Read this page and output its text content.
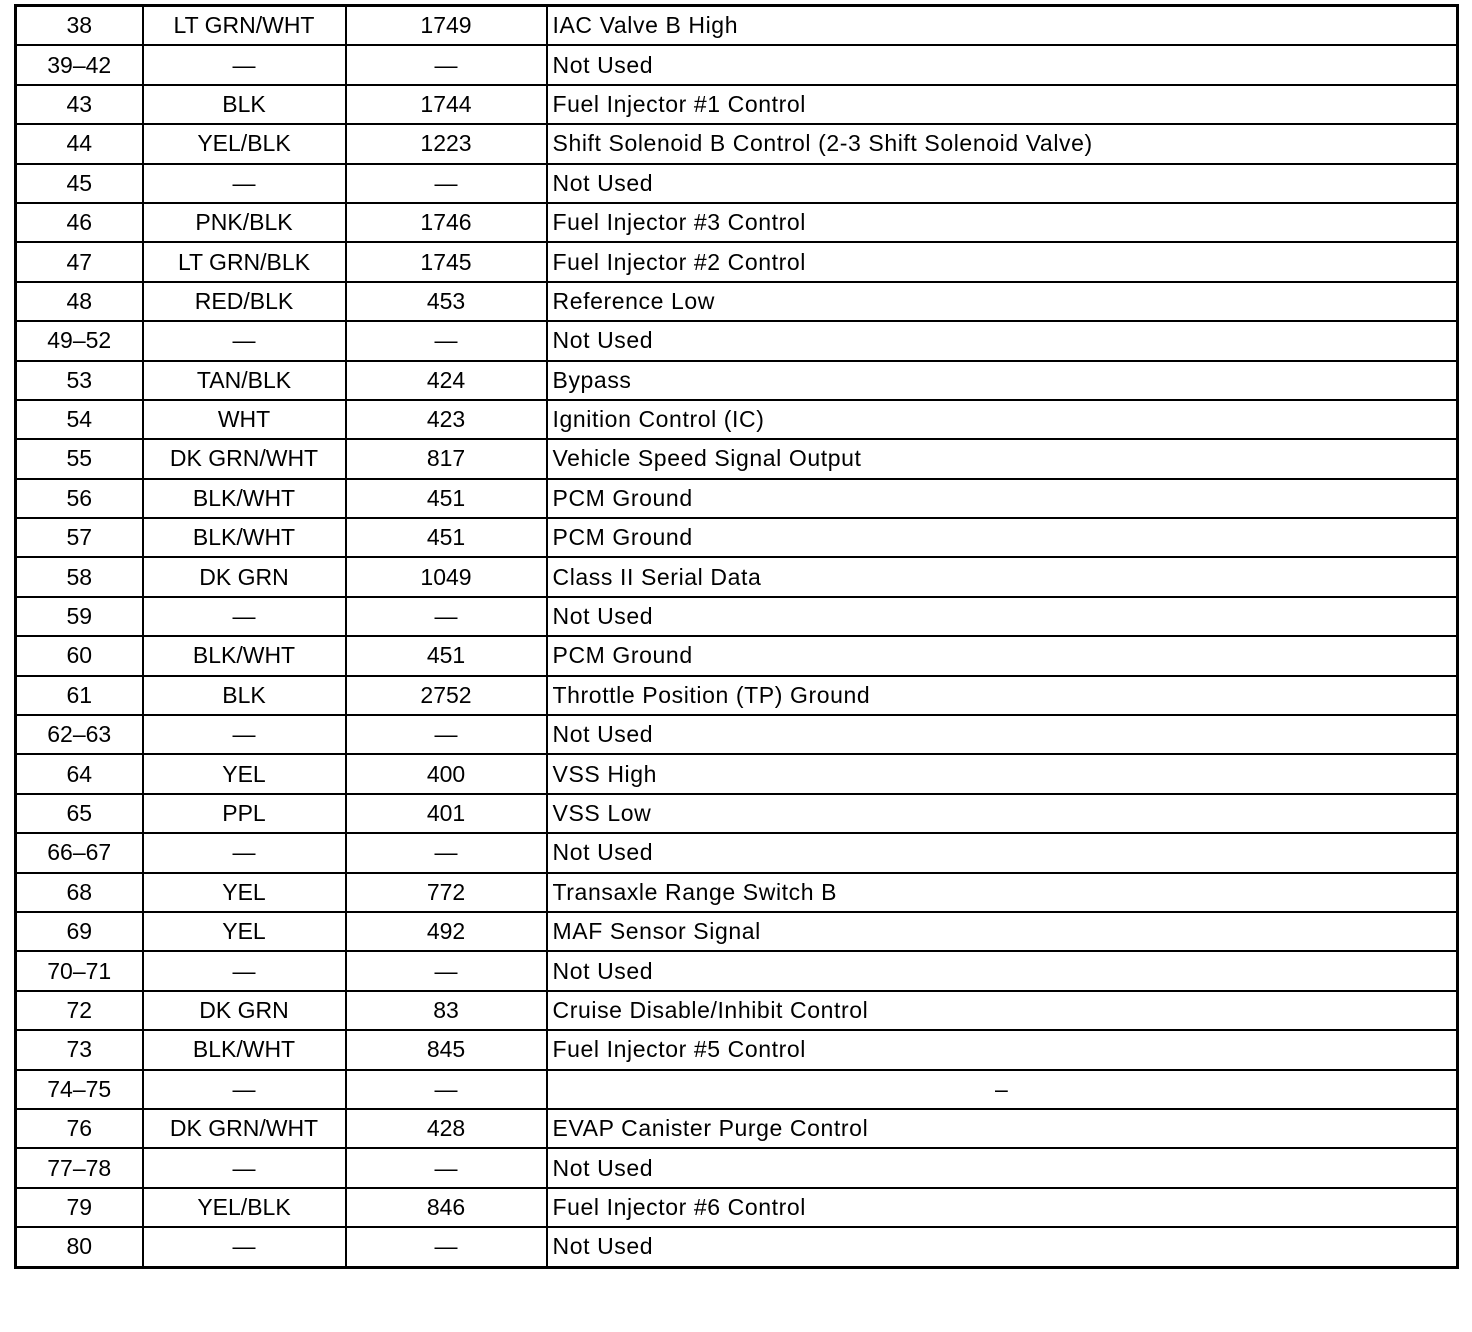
38	LT GRN/WHT	1749	IAC Valve B High
39–42	—	—	Not Used
43	BLK	1744	Fuel Injector #1 Control
44	YEL/BLK	1223	Shift Solenoid B Control (2-3 Shift Solenoid Valve)
45	—	—	Not Used
46	PNK/BLK	1746	Fuel Injector #3 Control
47	LT GRN/BLK	1745	Fuel Injector #2 Control
48	RED/BLK	453	Reference Low
49–52	—	—	Not Used
53	TAN/BLK	424	Bypass
54	WHT	423	Ignition Control (IC)
55	DK GRN/WHT	817	Vehicle Speed Signal Output
56	BLK/WHT	451	PCM Ground
57	BLK/WHT	451	PCM Ground
58	DK GRN	1049	Class II Serial Data
59	—	—	Not Used
60	BLK/WHT	451	PCM Ground
61	BLK	2752	Throttle Position (TP) Ground
62–63	—	—	Not Used
64	YEL	400	VSS High
65	PPL	401	VSS Low
66–67	—	—	Not Used
68	YEL	772	Transaxle Range Switch B
69	YEL	492	MAF Sensor Signal
70–71	—	—	Not Used
72	DK GRN	83	Cruise Disable/Inhibit Control
73	BLK/WHT	845	Fuel Injector #5 Control
74–75	—	—	–
76	DK GRN/WHT	428	EVAP Canister Purge Control
77–78	—	—	Not Used
79	YEL/BLK	846	Fuel Injector #6 Control
80	—	—	Not Used
